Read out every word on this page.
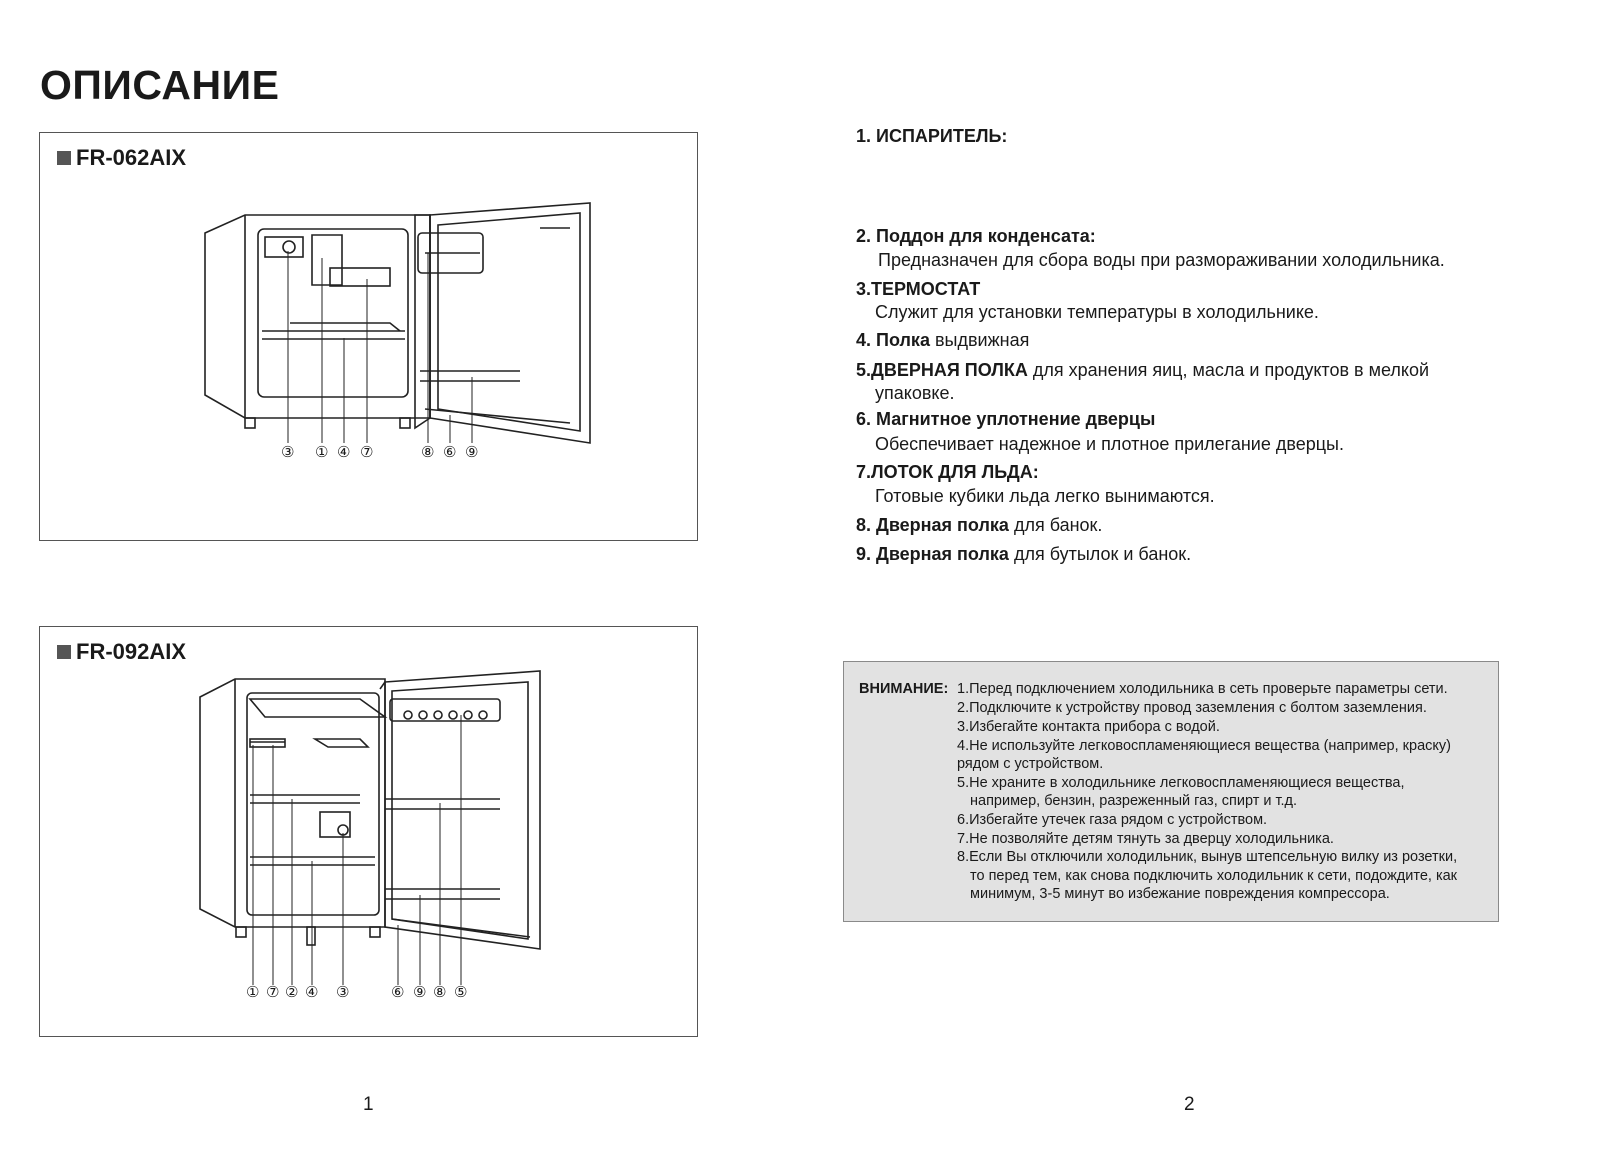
ОПИСАНИЕ
FR-062AIX
③ ① ④ ⑦	⑧ ⑥ ⑨
FR-092AIX
① ⑦ ② ④ ③	⑥ ⑨ ⑧ ⑤
1. ИСПАРИТЕЛЬ:
2. Поддон для конденсата:
Предназначен для сбора воды при размораживании холодильника.
3.ТЕРМОСТАТ
Служит для установки температуры в холодильнике.
4. Полка выдвижная
5.ДВЕРНАЯ ПОЛКА для хранения яиц, масла и продуктов в мелкой
упаковке.
6. Магнитное уплотнение дверцы
Обеспечивает надежное и плотное прилегание дверцы.
7.ЛОТОК ДЛЯ ЛЬДА:
Готовые кубики льда легко вынимаются.
8. Дверная полка для банок.
9. Дверная полка для бутылок и банок.
ВНИМАНИЕ: 1.Перед подключением холодильника в сеть проверьте параметры сети.
2.Подключите к устройству провод заземления с болтом заземления.
3.Избегайте контакта прибора с водой.
4.Не используйте легковоспламеняющиеся вещества (например, краску)
рядом с устройством.
5.Не храните в холодильнике легковоспламеняющиеся вещества,
например, бензин, разреженный газ, спирт и т.д.
6.Избегайте утечек газа рядом с устройством.
7.Не позволяйте детям тянуть за дверцу холодильника.
8.Если Вы отключили холодильник, вынув штепсельную вилку из розетки,
то перед тем, как снова подключить холодильник к сети, подождите, как
минимум, 3-5 минут во избежание повреждения компрессора.
1	2
